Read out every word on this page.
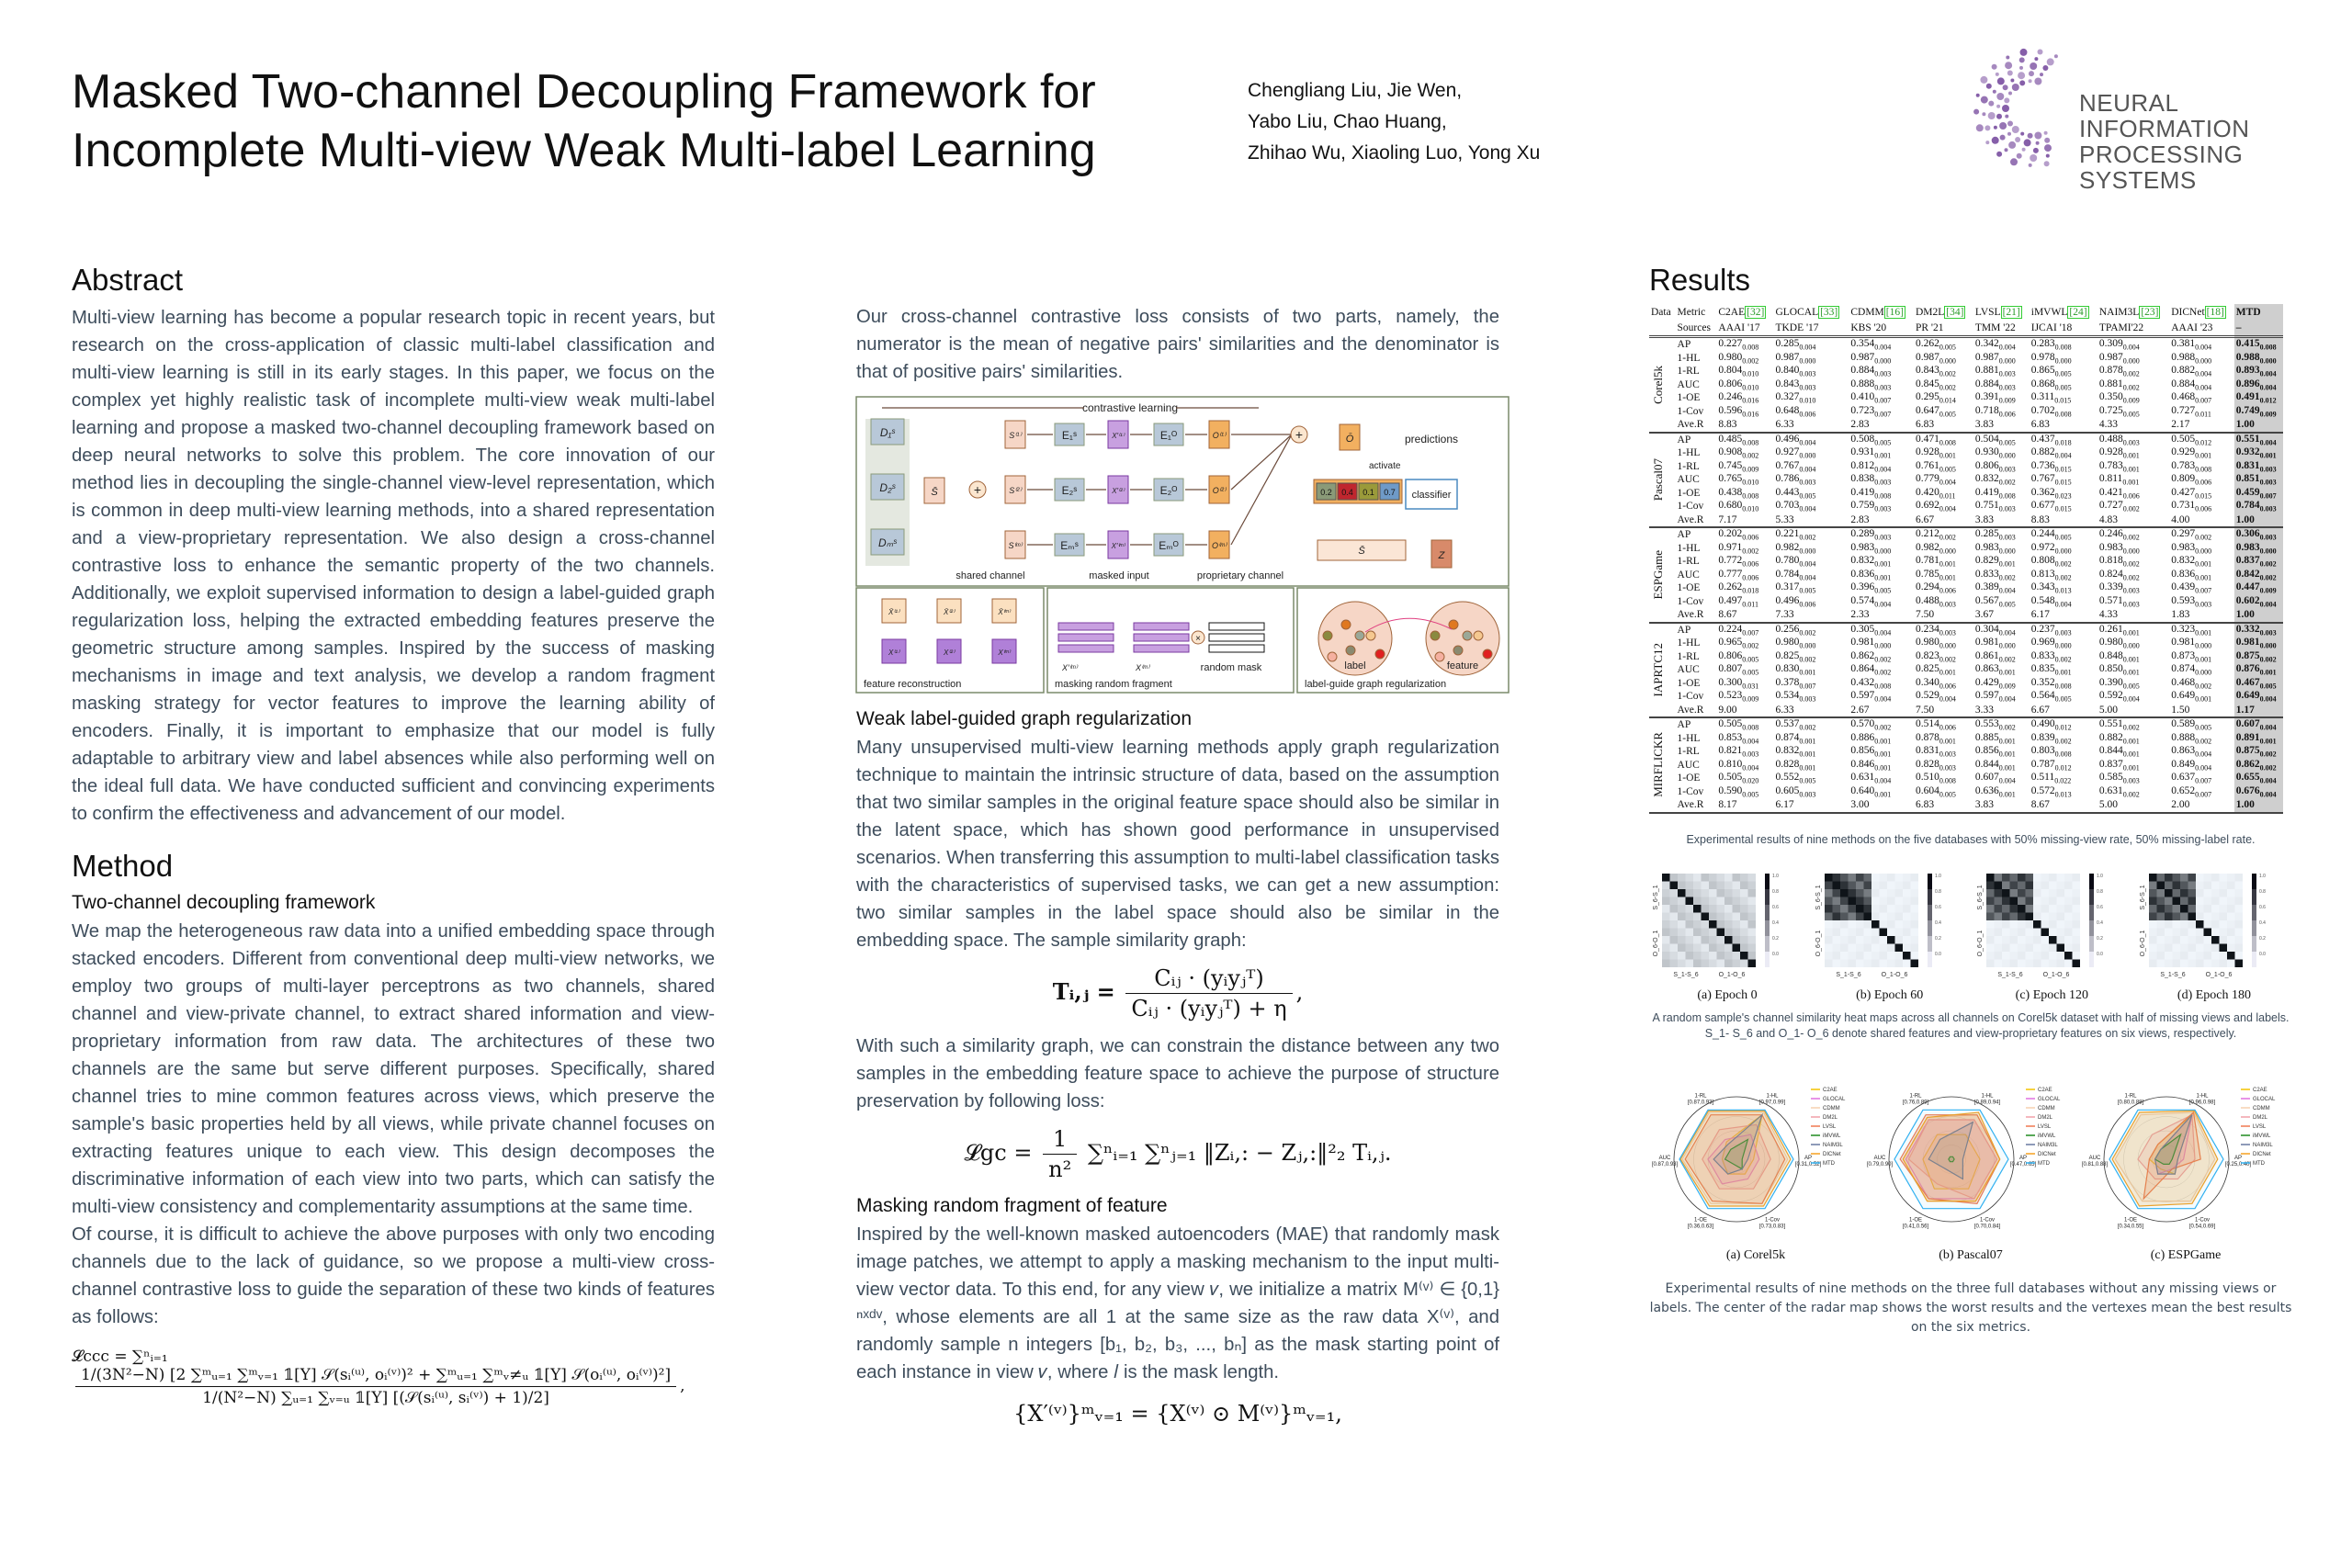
Masked Two-channel Decoupling Framework for
Incomplete Multi-view Weak Multi-label Learning
Chengliang Liu, Jie Wen,
Yabo Liu, Chao Huang,
Zhihao Wu, Xiaoling Luo, Yong Xu
NEURAL INFORMATION
PROCESSING SYSTEMS
Abstract

Multi-view learning has become a popular research topic in recent years, but research on the cross-application of classic multi-label classification and multi-view learning is still in its early stages. In this paper, we focus on the complex yet highly realistic task of incomplete multi-view weak multi-label learning and propose a masked two-channel decoupling framework based on deep neural networks to solve this problem. The core innovation of our method lies in decoupling the single-channel view-level representation, which is common in deep multi-view learning methods, into a shared representation and a view-proprietary representation. We also design a cross-channel contrastive loss to enhance the semantic property of the two channels. Additionally, we exploit supervised information to design a label-guided graph regularization loss, helping the extracted embedding features preserve the geometric structure among samples. Inspired by the success of masking mechanisms in image and text analysis, we develop a random fragment masking strategy for vector features to improve the learning ability of encoders. Finally, it is important to emphasize that our model is fully adaptable to arbitrary view and label absences while also performing well on the ideal full data. We have conducted sufficient and convincing experiments to confirm the effectiveness and advancement of our model.

Method
Two-channel decoupling framework

We map the heterogeneous raw data into a unified embedding space through stacked encoders. Different from conventional deep multi-view networks, we employ two groups of multi-layer perceptrons as two channels, shared channel and view-private channel, to extract shared information and view-proprietary information from raw data. The architectures of these two channels are the same but serve different purposes. Specifically, shared channel tries to mine common features across views, which preserve the sample's basic properties held by all views, while private channel focuses on extracting features unique to each view. This design decomposes the discriminative information of each view into two parts, which can satisfy the multi-view consistency and complementarity assumptions at the same time.

Of course, it is difficult to achieve the above purposes with only two encoding channels due to the lack of guidance, so we propose a multi-view cross-channel contrastive loss to guide the separation of these two kinds of features as follows:

𝓛ccc = ∑ⁿᵢ₌₁
1/(3N²−N) [2 ∑ᵐᵤ₌₁ ∑ᵐᵥ₌₁ 𝟙[Υ] 𝒮(sᵢ⁽ᵘ⁾, oᵢ⁽ᵛ⁾)² + ∑ᵐᵤ₌₁ ∑ᵐᵥ≠ᵤ 𝟙[Υ] 𝒮(oᵢ⁽ᵘ⁾, oᵢ⁽ᵛ⁾)²]
1/(N²−N) ∑ᵤ₌₁ ∑ᵥ₌ᵤ 𝟙[Υ] [(𝒮(sᵢ⁽ᵘ⁾, sᵢ⁽ᵛ⁾) + 1)/2]
,

Our cross-channel contrastive loss consists of two parts, namely, the numerator is the mean of negative pairs' similarities and the denominator is that of positive pairs' similarities.

D₁ˢ
D₂ˢ
Dₘˢ
contrastive learning
S⁽¹⁾	E₁ˢ	X′⁽¹⁾	E₁ᴼ	O⁽¹⁾
S⁽²⁾	E₂ˢ	X′⁽²⁾	E₂ᴼ	O⁽²⁾
S⁽ᵐ⁾	Eₘˢ	X′⁽ᵐ⁾	Eₘᴼ	O⁽ᵐ⁾
+
+
S̄
Ō
activate
0.2 0.4 0.1 0.7
S̄	Z
classifier
predictions
shared channel	masked input	proprietary channel
X̄⁽¹⁾
X⁽¹⁾
X̄⁽²⁾
X⁽²⁾
X̄⁽ᵐ⁾
X⁽ᵐ⁾
feature reconstruction
×
masking random fragment
random mask
X′⁽ᵐ⁾	X⁽ᵐ⁾	label	feature
label-guide graph regularization
Weak label-guided graph regularization

Many unsupervised multi-view learning methods apply graph regularization technique to maintain the intrinsic structure of data, based on the assumption that two similar samples in the original feature space should also be similar in the latent space, which has shown good performance in unsupervised scenarios. When transferring this assumption to multi-label classification tasks with the characteristics of supervised tasks, we can get a new assumption: two similar samples in the label space should also be similar in the embedding space. The sample similarity graph:

Tᵢ,ⱼ = $\frac{\text{Cᵢⱼ · (yᵢyⱼᵀ)}}{\text{Cᵢⱼ · (yᵢyⱼᵀ) + η}}$ ,

With such a similarity graph, we can constrain the distance between any two samples in the embedding feature space to achieve the purpose of structure preservation by following loss:

𝓛gc = $\frac{1}{\text{n²}}$ ∑ⁿᵢ₌₁ ∑ⁿⱼ₌₁ ‖Zᵢ,: − Zⱼ,:‖²₂ Tᵢ,ⱼ.
Masking random fragment of feature

Inspired by the well-known masked autoencoders (MAE) that randomly mask image patches, we attempt to apply a masking mechanism to the input multi-view vector data. To this end, for any view 𝑣, we initialize a matrix M⁽ᵛ⁾ ∈ {0,1}ⁿˣᵈᵛ, whose elements are all 1 at the same size as the raw data X⁽ᵛ⁾, and randomly sample n integers [b₁, b₂, b₃, ..., bₙ] as the mask starting point of each instance in view 𝑣, where 𝑙 is the mask length.

{X′⁽ᵛ⁾}ᵐᵥ₌₁ = {X⁽ᵛ⁾ ⊙ M⁽ᵛ⁾}ᵐᵥ₌₁,
Results
Data	Metric	C2AE [32]	GLOCAL [33]	CDMM [16]	DM2L [34]	LVSL [21]	iMVWL [24]	NAIM3L [23]	DICNet [18]	MTD
	Sources	AAAI '17	TKDE '17	KBS '20	PR '21	TMM '22	IJCAI '18	TPAMI'22	AAAI '23	–

Corel5k	AP	$0.227_{0.008}$	$0.285_{0.004}$	$0.354_{0.004}$	$0.262_{0.005}$	$0.342_{0.004}$	$0.283_{0.008}$	$0.309_{0.004}$	$0.381_{0.004}$	$0.415_{0.008}$
	1-HL	$0.980_{0.002}$	$0.987_{0.000}$	$0.987_{0.000}$	$0.987_{0.000}$	$0.987_{0.000}$	$0.978_{0.000}$	$0.987_{0.000}$	$0.988_{0.000}$	$0.988_{0.000}$
	1-RL	$0.804_{0.010}$	$0.840_{0.003}$	$0.884_{0.003}$	$0.843_{0.002}$	$0.881_{0.003}$	$0.865_{0.005}$	$0.878_{0.002}$	$0.882_{0.004}$	$0.893_{0.004}$
	AUC	$0.806_{0.010}$	$0.843_{0.003}$	$0.888_{0.003}$	$0.845_{0.002}$	$0.884_{0.003}$	$0.868_{0.005}$	$0.881_{0.002}$	$0.884_{0.004}$	$0.896_{0.004}$
	1-OE	$0.246_{0.016}$	$0.327_{0.010}$	$0.410_{0.007}$	$0.295_{0.014}$	$0.391_{0.009}$	$0.311_{0.015}$	$0.350_{0.009}$	$0.468_{0.007}$	$0.491_{0.012}$
	1-Cov	$0.596_{0.016}$	$0.648_{0.006}$	$0.723_{0.007}$	$0.647_{0.005}$	$0.718_{0.006}$	$0.702_{0.008}$	$0.725_{0.005}$	$0.727_{0.011}$	$0.749_{0.009}$
	Ave.R	8.83	6.33	2.83	6.83	3.83	6.83	4.33	2.17	1.00

Pascal07	AP	$0.485_{0.008}$	$0.496_{0.004}$	$0.508_{0.005}$	$0.471_{0.008}$	$0.504_{0.005}$	$0.437_{0.018}$	$0.488_{0.003}$	$0.505_{0.012}$	$0.551_{0.004}$
	1-HL	$0.908_{0.002}$	$0.927_{0.000}$	$0.931_{0.001}$	$0.928_{0.001}$	$0.930_{0.000}$	$0.882_{0.004}$	$0.928_{0.001}$	$0.929_{0.001}$	$0.932_{0.001}$
	1-RL	$0.745_{0.009}$	$0.767_{0.004}$	$0.812_{0.004}$	$0.761_{0.005}$	$0.806_{0.003}$	$0.736_{0.015}$	$0.783_{0.001}$	$0.783_{0.008}$	$0.831_{0.003}$
	AUC	$0.765_{0.010}$	$0.786_{0.003}$	$0.838_{0.003}$	$0.779_{0.004}$	$0.832_{0.002}$	$0.767_{0.015}$	$0.811_{0.001}$	$0.809_{0.006}$	$0.851_{0.003}$
	1-OE	$0.438_{0.008}$	$0.443_{0.005}$	$0.419_{0.008}$	$0.420_{0.011}$	$0.419_{0.008}$	$0.362_{0.023}$	$0.421_{0.006}$	$0.427_{0.015}$	$0.459_{0.007}$
	1-Cov	$0.680_{0.010}$	$0.703_{0.004}$	$0.759_{0.003}$	$0.692_{0.004}$	$0.751_{0.003}$	$0.677_{0.015}$	$0.727_{0.002}$	$0.731_{0.006}$	$0.784_{0.003}$
	Ave.R	7.17	5.33	2.83	6.67	3.83	8.83	4.83	4.00	1.00

ESPGame	AP	$0.202_{0.006}$	$0.221_{0.002}$	$0.289_{0.003}$	$0.212_{0.002}$	$0.285_{0.003}$	$0.244_{0.005}$	$0.246_{0.002}$	$0.297_{0.002}$	$0.306_{0.003}$
	1-HL	$0.971_{0.002}$	$0.982_{0.000}$	$0.983_{0.000}$	$0.982_{0.000}$	$0.983_{0.000}$	$0.972_{0.000}$	$0.983_{0.000}$	$0.983_{0.000}$	$0.983_{0.000}$
	1-RL	$0.772_{0.006}$	$0.780_{0.004}$	$0.832_{0.001}$	$0.781_{0.001}$	$0.829_{0.001}$	$0.808_{0.002}$	$0.818_{0.002}$	$0.832_{0.001}$	$0.837_{0.002}$
	AUC	$0.777_{0.006}$	$0.784_{0.004}$	$0.836_{0.001}$	$0.785_{0.001}$	$0.833_{0.002}$	$0.813_{0.002}$	$0.824_{0.002}$	$0.836_{0.001}$	$0.842_{0.002}$
	1-OE	$0.262_{0.018}$	$0.317_{0.005}$	$0.396_{0.005}$	$0.294_{0.006}$	$0.389_{0.004}$	$0.343_{0.013}$	$0.339_{0.003}$	$0.439_{0.007}$	$0.447_{0.009}$
	1-Cov	$0.497_{0.011}$	$0.496_{0.006}$	$0.574_{0.004}$	$0.488_{0.003}$	$0.567_{0.005}$	$0.548_{0.004}$	$0.571_{0.003}$	$0.593_{0.003}$	$0.602_{0.004}$
	Ave.R	8.67	7.33	2.33	7.50	3.67	6.17	4.33	1.83	1.00

IAPRTC12	AP	$0.224_{0.007}$	$0.256_{0.002}$	$0.305_{0.004}$	$0.234_{0.003}$	$0.304_{0.004}$	$0.237_{0.003}$	$0.261_{0.001}$	$0.323_{0.001}$	$0.332_{0.003}$
	1-HL	$0.965_{0.002}$	$0.980_{0.000}$	$0.981_{0.000}$	$0.980_{0.000}$	$0.981_{0.000}$	$0.969_{0.000}$	$0.980_{0.000}$	$0.981_{0.000}$	$0.981_{0.000}$
	1-RL	$0.806_{0.005}$	$0.825_{0.002}$	$0.862_{0.002}$	$0.823_{0.002}$	$0.861_{0.002}$	$0.833_{0.002}$	$0.848_{0.001}$	$0.873_{0.001}$	$0.875_{0.002}$
	AUC	$0.807_{0.005}$	$0.830_{0.001}$	$0.864_{0.002}$	$0.825_{0.001}$	$0.863_{0.001}$	$0.835_{0.001}$	$0.850_{0.001}$	$0.874_{0.000}$	$0.876_{0.001}$
	1-OE	$0.300_{0.031}$	$0.378_{0.007}$	$0.432_{0.008}$	$0.340_{0.006}$	$0.429_{0.009}$	$0.352_{0.008}$	$0.390_{0.005}$	$0.468_{0.002}$	$0.467_{0.005}$
	1-Cov	$0.523_{0.009}$	$0.534_{0.003}$	$0.597_{0.004}$	$0.529_{0.004}$	$0.597_{0.004}$	$0.564_{0.005}$	$0.592_{0.004}$	$0.649_{0.001}$	$0.649_{0.004}$
	Ave.R	9.00	6.33	2.67	7.50	3.33	6.67	5.00	1.50	1.17

MIRFLICKR	AP	$0.505_{0.008}$	$0.537_{0.002}$	$0.570_{0.002}$	$0.514_{0.006}$	$0.553_{0.002}$	$0.490_{0.012}$	$0.551_{0.002}$	$0.589_{0.005}$	$0.607_{0.004}$
	1-HL	$0.853_{0.004}$	$0.874_{0.001}$	$0.886_{0.001}$	$0.878_{0.001}$	$0.885_{0.001}$	$0.839_{0.002}$	$0.882_{0.001}$	$0.888_{0.002}$	$0.891_{0.001}$
	1-RL	$0.821_{0.003}$	$0.832_{0.001}$	$0.856_{0.001}$	$0.831_{0.003}$	$0.856_{0.001}$	$0.803_{0.008}$	$0.844_{0.001}$	$0.863_{0.004}$	$0.875_{0.002}$
	AUC	$0.810_{0.004}$	$0.828_{0.001}$	$0.846_{0.001}$	$0.828_{0.003}$	$0.844_{0.001}$	$0.787_{0.012}$	$0.837_{0.001}$	$0.849_{0.004}$	$0.862_{0.002}$
	1-OE	$0.505_{0.020}$	$0.552_{0.005}$	$0.631_{0.004}$	$0.510_{0.008}$	$0.607_{0.004}$	$0.511_{0.022}$	$0.585_{0.003}$	$0.637_{0.007}$	$0.655_{0.004}$
	1-Cov	$0.590_{0.005}$	$0.605_{0.003}$	$0.640_{0.001}$	$0.604_{0.005}$	$0.636_{0.001}$	$0.572_{0.013}$	$0.631_{0.002}$	$0.652_{0.007}$	$0.676_{0.004}$
	Ave.R	8.17	6.17	3.00	6.83	3.83	8.67	5.00	2.00	1.00

Experimental results of nine methods on the five databases with 50% missing-view rate, 50% missing-label rate.
1.0
0.8
0.6
0.4
0.2
0.0
S_1-S_6	O_1-O_6
S_6-S_1
O_6-O_1
(a) Epoch 0
1.0
0.8
0.6
0.4
0.2
0.0
S_1-S_6	O_1-O_6
S_6-S_1
O_6-O_1
(b) Epoch 60
1.0
0.8
0.6
0.4
0.2
0.0
S_1-S_6	O_1-O_6
S_6-S_1
O_6-O_1
(c) Epoch 120
1.0
0.8
0.6
0.4
0.2
0.0
S_1-S_6	O_1-O_6
S_6-S_1
O_6-O_1
(d) Epoch 180
A random sample's channel similarity heat maps across all channels on Corel5k dataset with half of missing views and labels. S_1- S_6 and O_1- O_6 denote shared features and view-proprietary features on six views, respectively.
AP
[0.31,0.52]
1-HL
[0.97,0.99]
1-RL
[0.87,0.93]
AUC
[0.87,0.93]
1-OE
[0.36,0.63]
1-Cov
[0.73,0.83]
C2AE
GLOCAL
CDMM
DM2L
LVSL
iMVWL
NAIM3L
DICNet
MTD
(a) Corel5k
AP
[0.47,0.65]
1-HL
[0.89,0.94]
1-RL
[0.76,0.89]
AUC
[0.79,0.90]
1-OE
[0.41,0.56]
1-Cov
[0.70,0.84]
C2AE
GLOCAL
CDMM
DM2L
LVSL
iMVWL
NAIM3L
DICNet
MTD
(b) Pascal07
AP
[0.25,0.40]
1-HL
[0.96,0.98]
1-RL
[0.80,0.88]
AUC
[0.81,0.88]
1-OE
[0.34,0.55]
1-Cov
[0.54,0.69]
C2AE
GLOCAL
CDMM
DM2L
LVSL
iMVWL
NAIM3L
DICNet
MTD
(c) ESPGame
Experimental results of nine methods on the three full databases without any missing views or labels. The center of the radar map shows the worst results and the vertexes mean the best results on the six metrics.
